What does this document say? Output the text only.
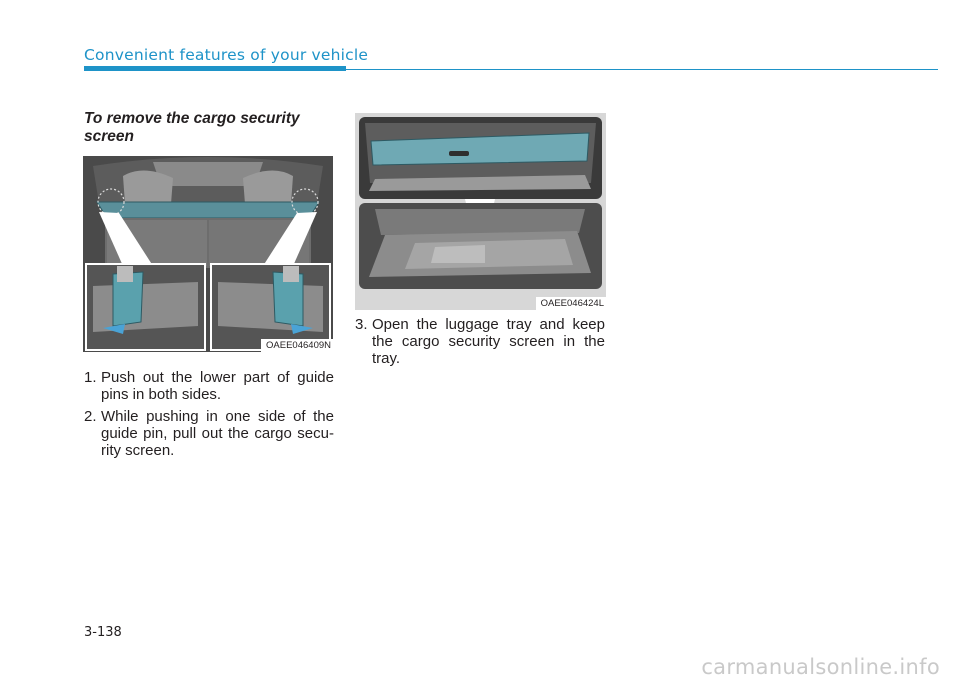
Convenient features of your vehicle
To remove the cargo security screen
OAEE046409N
OAEE046424L
1. Push out the lower part of guide pins in both sides.
2. While pushing in one side of the guide pin, pull out the cargo secu-rity screen.
3. Open the luggage tray and keep the cargo security screen in the tray.
3-138
carmanualsonline.info
